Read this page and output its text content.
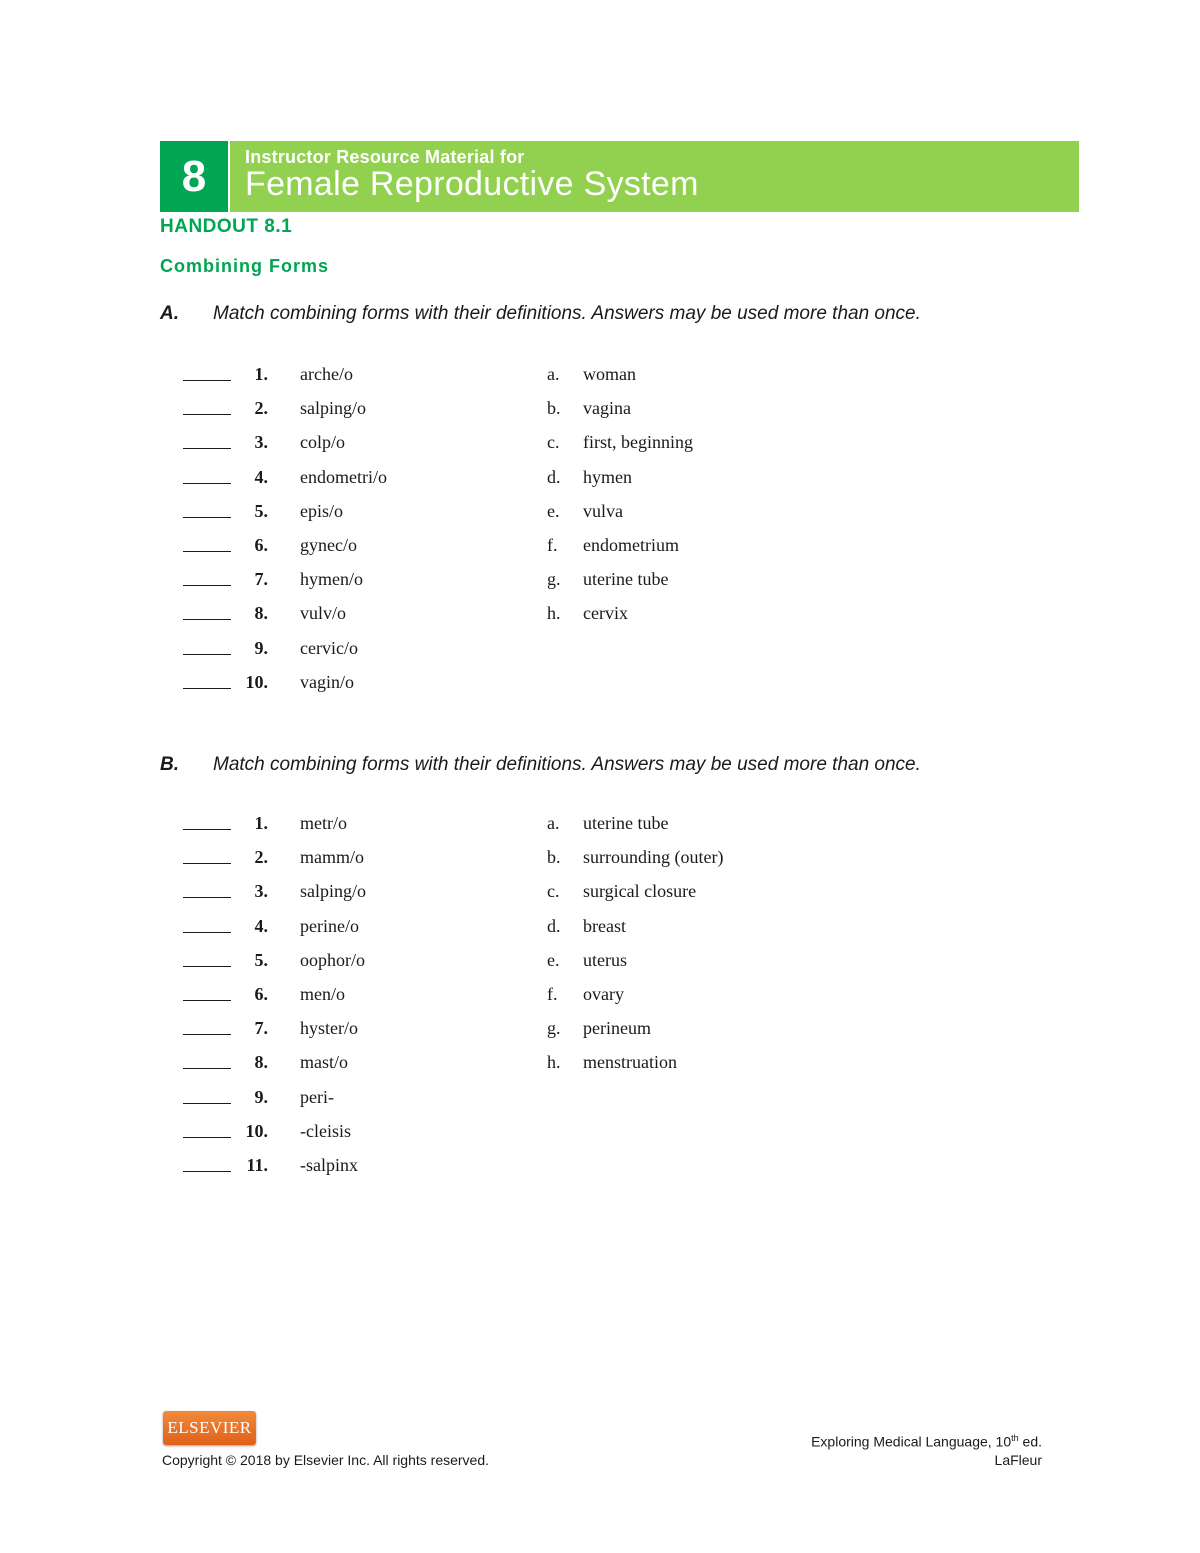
8	Instructor Resource Material for
Female Reproductive System
HANDOUT 8.1
Combining Forms
A. Match combining forms with their definitions. Answers may be used more than once.
1. arche/o	a. woman
2. salping/o	b. vagina
3. colp/o	c. first, beginning
4. endometri/o	d. hymen
5. epis/o	e. vulva
6. gynec/o	f. endometrium
7. hymen/o	g. uterine tube
8. vulv/o	h. cervix
9. cervic/o
10. vagin/o
B. Match combining forms with their definitions. Answers may be used more than once.
1. metr/o	a. uterine tube
2. mamm/o	b. surrounding (outer)
3. salping/o	c. surgical closure
4. perine/o	d. breast
5. oophor/o	e. uterus
6. men/o	f. ovary
7. hyster/o	g. perineum
8. mast/o	h. menstruation
9. peri-
10. -cleisis
11. -salpinx
ELSEVIER
Copyright © 2018 by Elsevier Inc. All rights reserved.
Exploring Medical Language, 10th ed.
LaFleur
